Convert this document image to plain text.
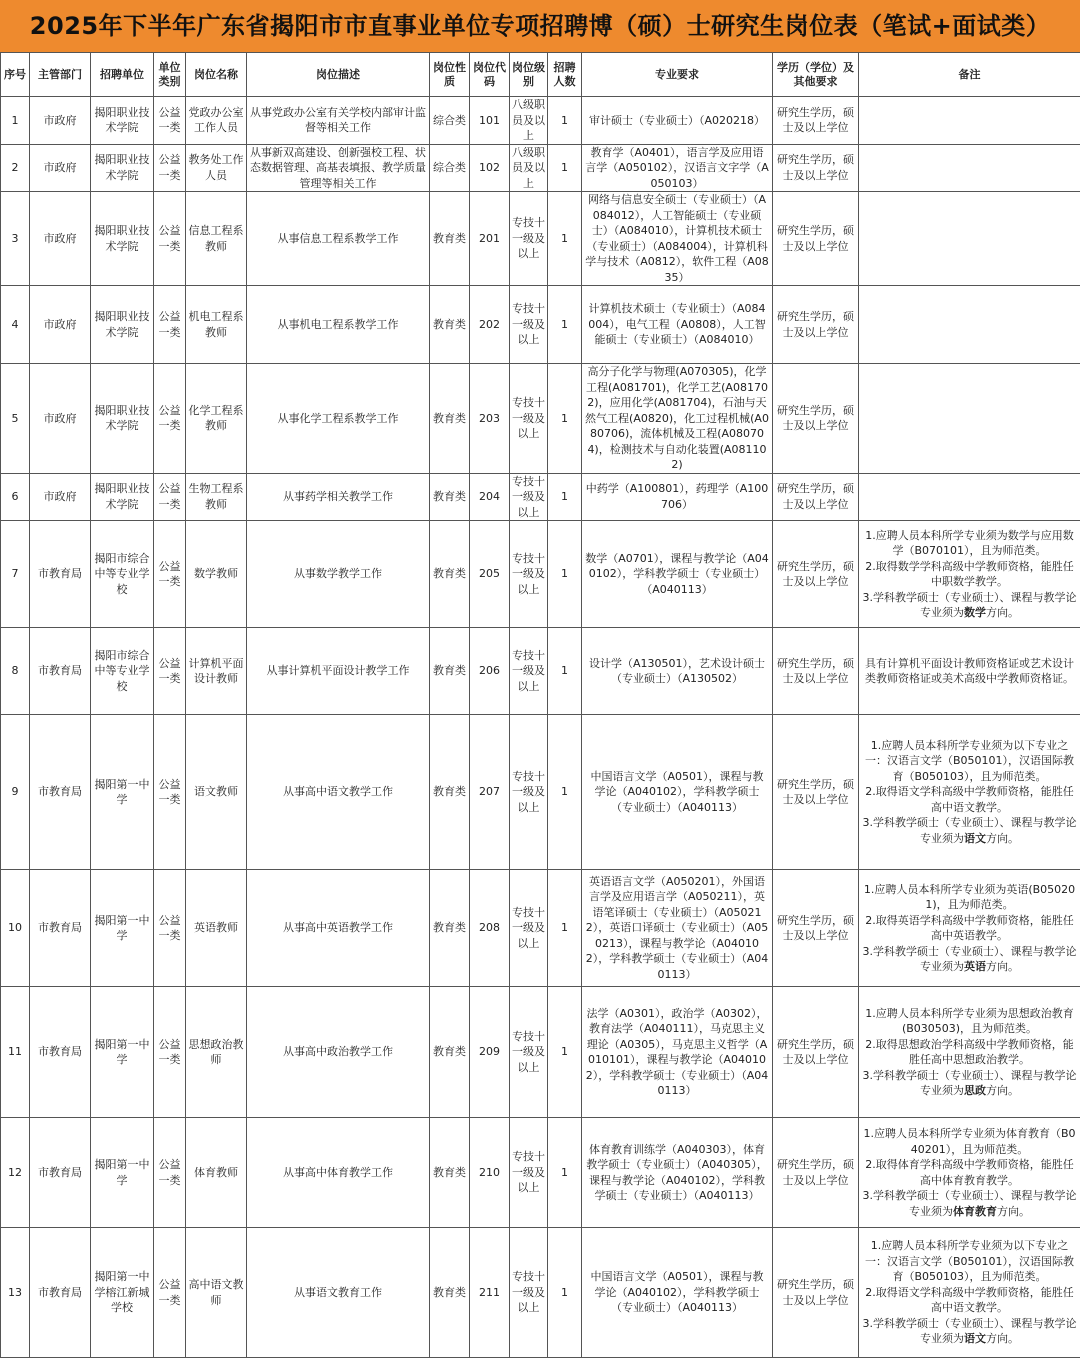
2025年下半年广东省揭阳市市直事业单位专项招聘博（硕）士研究生岗位表（笔试+面试类）
序号	主管部门	招聘单位	单位类别	岗位名称	岗位描述	岗位性质	岗位代码	岗位级别	招聘人数	专业要求	学历（学位）及其他要求	备注
1	市政府	揭阳职业技术学院	公益一类	党政办公室工作人员	从事党政办公室有关学校内部审计监督等相关工作	综合类	101	八级职员及以上	1	审计硕士（专业硕士）（A020218）	研究生学历，硕士及以上学位	
2	市政府	揭阳职业技术学院	公益一类	教务处工作人员	从事新双高建设、创新强校工程、状态数据管理、高基表填报、教学质量管理等相关工作	综合类	102	八级职员及以上	1	教育学（A0401），语言学及应用语言学（A050102），汉语言文字学（A050103）	研究生学历，硕士及以上学位	
3	市政府	揭阳职业技术学院	公益一类	信息工程系教师	从事信息工程系教学工作	教育类	201	专技十一级及以上	1	网络与信息安全硕士（专业硕士）（A084012），人工智能硕士（专业硕士）（A084010），计算机技术硕士（专业硕士）（A084004），计算机科学与技术（A0812），软件工程（A0835）	研究生学历，硕士及以上学位	
4	市政府	揭阳职业技术学院	公益一类	机电工程系教师	从事机电工程系教学工作	教育类	202	专技十一级及以上	1	计算机技术硕士（专业硕士）（A084004），电气工程（A0808），人工智能硕士（专业硕士）（A084010）	研究生学历，硕士及以上学位	
5	市政府	揭阳职业技术学院	公益一类	化学工程系教师	从事化学工程系教学工作	教育类	203	专技十一级及以上	1	高分子化学与物理(A070305)，化学工程(A081701)，化学工艺(A081702)，应用化学(A081704)，石油与天然气工程(A0820)，化工过程机械(A080706)，流体机械及工程(A080704)，检测技术与自动化装置(A081102)	研究生学历，硕士及以上学位	
6	市政府	揭阳职业技术学院	公益一类	生物工程系教师	从事药学相关教学工作	教育类	204	专技十一级及以上	1	中药学（A100801），药理学（A100706）	研究生学历，硕士及以上学位	
7	市教育局	揭阳市综合中等专业学校	公益一类	数学教师	从事数学教学工作	教育类	205	专技十一级及以上	1	数学（A0701），课程与教学论（A040102），学科教学硕士（专业硕士）（A040113）	研究生学历，硕士及以上学位	1.应聘人员本科所学专业须为数学与应用数学（B070101），且为师范类。
2.取得数学学科高级中学教师资格，能胜任中职数学教学。
3.学科教学硕士（专业硕士）、课程与教学论专业须为数学方向。

8	市教育局	揭阳市综合中等专业学校	公益一类	计算机平面设计教师	从事计算机平面设计教学工作	教育类	206	专技十一级及以上	1	设计学（A130501），艺术设计硕士（专业硕士）（A130502）	研究生学历，硕士及以上学位	具有计算机平面设计教师资格证或艺术设计类教师资格证或美术高级中学教师资格证。

9	市教育局	揭阳第一中学	公益一类	语文教师	从事高中语文教学工作	教育类	207	专技十一级及以上	1	中国语言文学（A0501），课程与教学论（A040102），学科教学硕士（专业硕士）（A040113）	研究生学历，硕士及以上学位	1.应聘人员本科所学专业须为以下专业之一：汉语言文学（B050101），汉语国际教育（B050103），且为师范类。
2.取得语文学科高级中学教师资格，能胜任高中语文教学。
3.学科教学硕士（专业硕士）、课程与教学论专业须为语文方向。

10	市教育局	揭阳第一中学	公益一类	英语教师	从事高中英语教学工作	教育类	208	专技十一级及以上	1	英语语言文学（A050201），外国语言学及应用语言学（A050211），英语笔译硕士（专业硕士）（A050212），英语口译硕士（专业硕士）（A050213），课程与教学论（A040102），学科教学硕士（专业硕士）（A040113）	研究生学历，硕士及以上学位	1.应聘人员本科所学专业须为英语(B050201)，且为师范类。
2.取得英语学科高级中学教师资格，能胜任高中英语教学。
3.学科教学硕士（专业硕士）、课程与教学论专业须为英语方向。

11	市教育局	揭阳第一中学	公益一类	思想政治教师	从事高中政治教学工作	教育类	209	专技十一级及以上	1	法学（A0301），政治学（A0302），教育法学（A040111），马克思主义理论（A0305），马克思主义哲学（A010101），课程与教学论（A040102），学科教学硕士（专业硕士）（A040113）	研究生学历，硕士及以上学位	1.应聘人员本科所学专业须为思想政治教育(B030503)，且为师范类。
2.取得思想政治学科高级中学教师资格，能胜任高中思想政治教学。
3.学科教学硕士（专业硕士）、课程与教学论专业须为思政方向。

12	市教育局	揭阳第一中学	公益一类	体育教师	从事高中体育教学工作	教育类	210	专技十一级及以上	1	体育教育训练学（A040303），体育教学硕士（专业硕士）（A040305），课程与教学论（A040102），学科教学硕士（专业硕士）（A040113）	研究生学历，硕士及以上学位	1.应聘人员本科所学专业须为体育教育（B040201），且为师范类。
2.取得体育学科高级中学教师资格，能胜任高中体育教育教学。
3.学科教学硕士（专业硕士）、课程与教学论专业须为体育教育方向。

13	市教育局	揭阳第一中学榕江新城学校	公益一类	高中语文教师	从事语文教育工作	教育类	211	专技十一级及以上	1	中国语言文学（A0501），课程与教学论（A040102），学科教学硕士（专业硕士）（A040113）	研究生学历，硕士及以上学位	1.应聘人员本科所学专业须为以下专业之一：汉语言文学（B050101），汉语国际教育（B050103），且为师范类。
2.取得语文学科高级中学教师资格，能胜任高中语文教学。
3.学科教学硕士（专业硕士）、课程与教学论专业须为语文方向。
